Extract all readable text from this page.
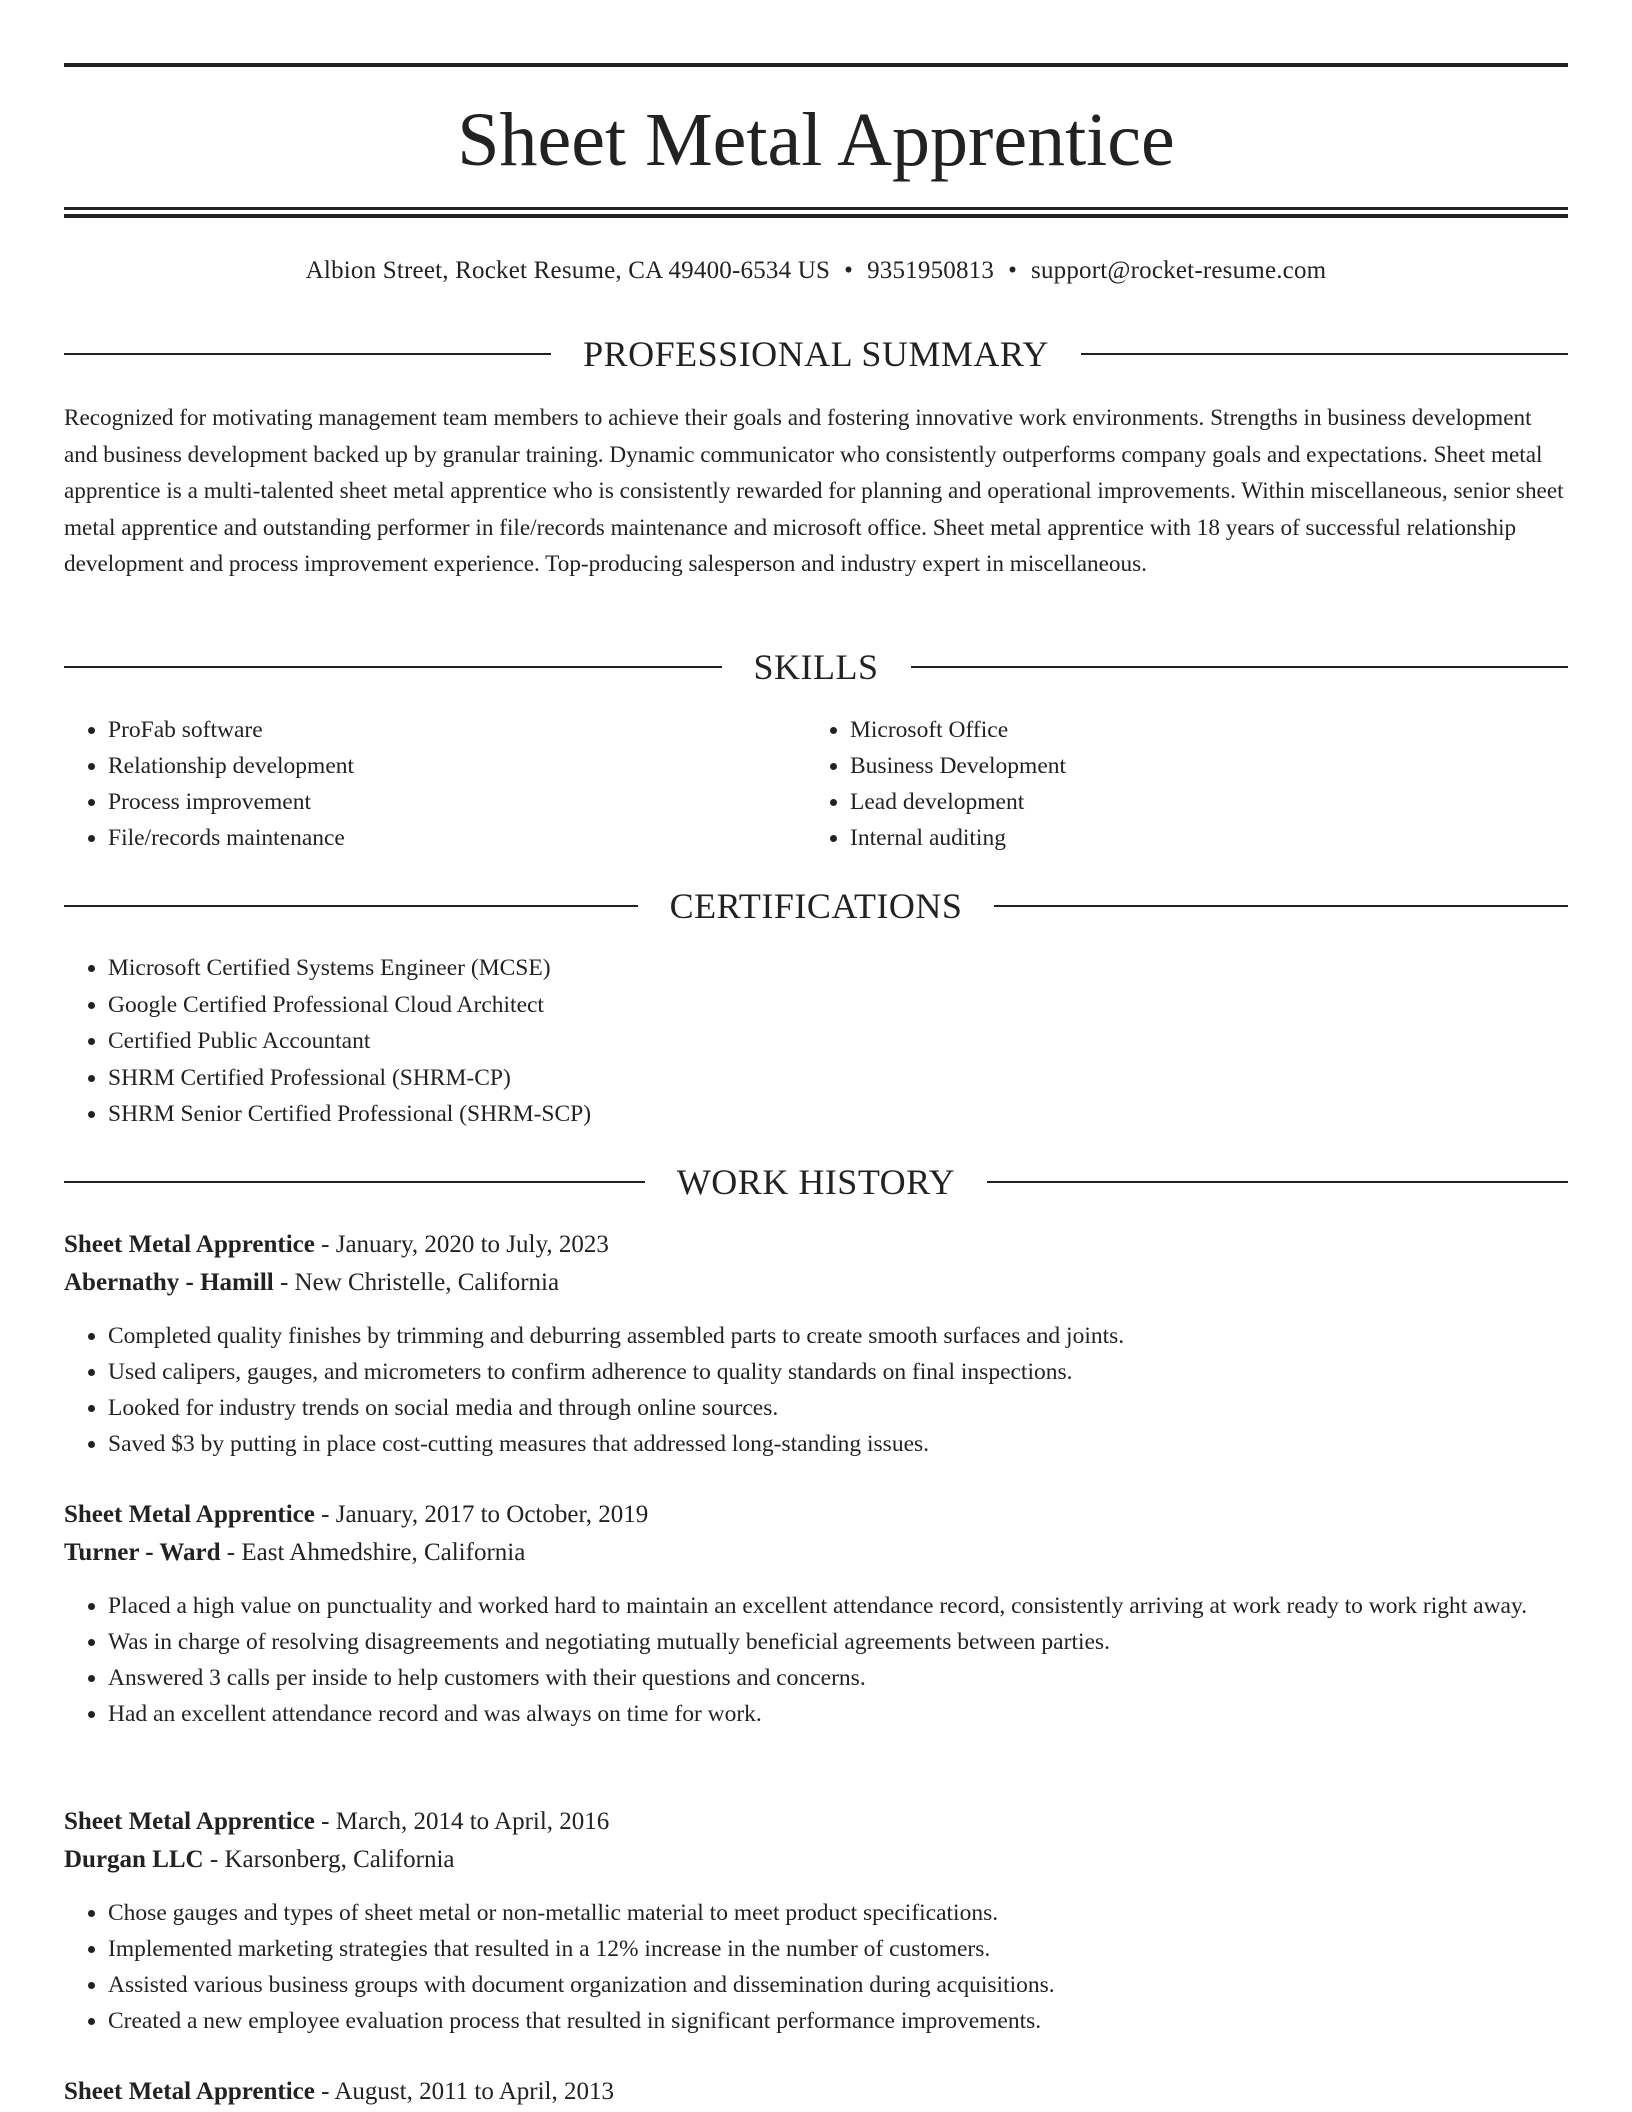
Sheet Metal Apprentice
Albion Street, Rocket Resume, CA 49400-6534 US • 9351950813 • support@rocket-resume.com
PROFESSIONAL SUMMARY

Recognized for motivating management team members to achieve their goals and fostering innovative work environments. Strengths in business development and business development backed up by granular training. Dynamic communicator who consistently outperforms company goals and expectations. Sheet metal apprentice is a multi-talented sheet metal apprentice who is consistently rewarded for planning and operational improvements. Within miscellaneous, senior sheet metal apprentice and outstanding performer in file/records maintenance and microsoft office. Sheet metal apprentice with 18 years of successful relationship development and process improvement experience. Top-producing salesperson and industry expert in miscellaneous.

SKILLS
• ProFab software
• Relationship development
• Process improvement
• File/records maintenance
• Microsoft Office
• Business Development
• Lead development
• Internal auditing
CERTIFICATIONS
• Microsoft Certified Systems Engineer (MCSE)
• Google Certified Professional Cloud Architect
• Certified Public Accountant
• SHRM Certified Professional (SHRM-CP)
• SHRM Senior Certified Professional (SHRM-SCP)
WORK HISTORY
Sheet Metal Apprentice - January, 2020 to July, 2023
Abernathy - Hamill - New Christelle, California
• Completed quality finishes by trimming and deburring assembled parts to create smooth surfaces and joints.
• Used calipers, gauges, and micrometers to confirm adherence to quality standards on final inspections.
• Looked for industry trends on social media and through online sources.
• Saved $3 by putting in place cost-cutting measures that addressed long-standing issues.
Sheet Metal Apprentice - January, 2017 to October, 2019
Turner - Ward - East Ahmedshire, California
• Placed a high value on punctuality and worked hard to maintain an excellent attendance record, consistently arriving at work ready to work right away.
• Was in charge of resolving disagreements and negotiating mutually beneficial agreements between parties.
• Answered 3 calls per inside to help customers with their questions and concerns.
• Had an excellent attendance record and was always on time for work.
Sheet Metal Apprentice - March, 2014 to April, 2016
Durgan LLC - Karsonberg, California
• Chose gauges and types of sheet metal or non-metallic material to meet product specifications.
• Implemented marketing strategies that resulted in a 12% increase in the number of customers.
• Assisted various business groups with document organization and dissemination during acquisitions.
• Created a new employee evaluation process that resulted in significant performance improvements.
Sheet Metal Apprentice - August, 2011 to April, 2013
